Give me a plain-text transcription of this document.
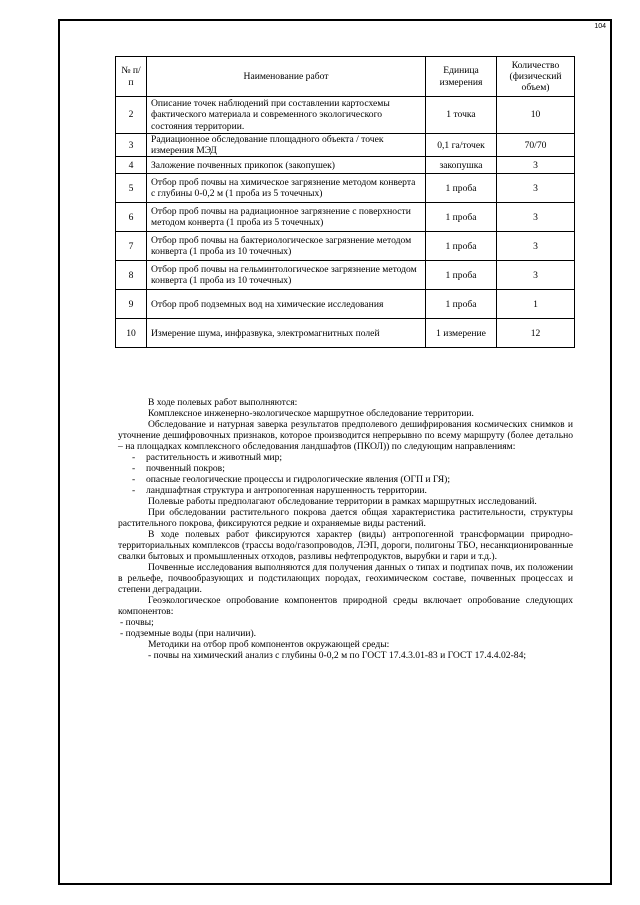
104
№ п/п	Наименование работ	Единица измерения	Количество (физический объем)
2	Описание точек наблюдений при составлении картосхемы фактического материала и современного экологического состояния территории.	1 точка	10
3	Радиационное обследование площадного объекта / точек измерения МЭД	0,1 га/точек	70/70
4	Заложение почвенных прикопок (закопушек)	закопушка	3
5	Отбор проб почвы на химическое загрязнение методом конверта с глубины 0-0,2 м (1 проба из 5 точечных)	1 проба	3
6	Отбор проб почвы на радиационное загрязнение с поверхности методом конверта (1 проба из 5 точечных)	1 проба	3
7	Отбор проб почвы на бактериологическое загрязнение методом конверта (1 проба из 10 точечных)	1 проба	3
8	Отбор проб почвы на гельминтологическое загрязнение методом конверта (1 проба из 10 точечных)	1 проба	3
9	Отбор проб подземных вод на химические исследования	1 проба	1
10	Измерение шума, инфразвука, электромагнитных полей	1 измерение	12

В ходе полевых работ выполняются:

Комплексное инженерно-экологическое маршрутное обследование территории.

Обследование и натурная заверка результатов предполевого дешифрирования космических снимков и уточнение дешифровочных признаков, которое производится непрерывно по всему маршруту (более детально – на площадках комплексного обследования ландшафтов (ПКОЛ)) по следующим направлениям:

- растительность и животный мир;

- почвенный покров;

- опасные геологические процессы и гидрологические явления (ОГП и ГЯ);

- ландшафтная структура и антропогенная нарушенность территории.

Полевые работы предполагают обследование территории в рамках маршрутных исследований.

При обследовании растительного покрова дается общая характеристика растительности, структуры растительного покрова, фиксируются редкие и охраняемые виды растений.

В ходе полевых работ фиксируются характер (виды) антропогенной трансформации природно-территориальных комплексов (трассы водо/газопроводов, ЛЭП, дороги, полигоны ТБО, несанкционированные свалки бытовых и промышленных отходов, разливы нефтепродуктов, вырубки и гари и т.д.).

Почвенные исследования выполняются для получения данных о типах и подтипах почв, их положении в рельефе, почвообразующих и подстилающих породах, геохимическом составе, почвенных процессах и степени деградации.

Геоэкологическое опробование компонентов природной среды включает опробование следующих компонентов:

- почвы;

- подземные воды (при наличии).

Методики на отбор проб компонентов окружающей среды:

- почвы на химический анализ с глубины 0-0,2 м по ГОСТ 17.4.3.01-83 и ГОСТ 17.4.4.02-84;
